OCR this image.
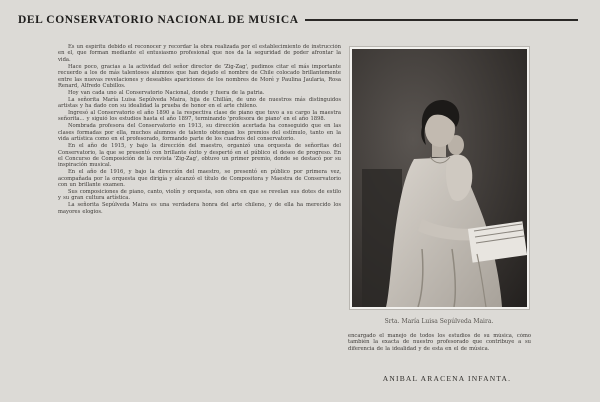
DEL CONSERVATORIO NACIONAL DE MUSICA

Es un espíritu debido el reconocer y recordar la obra realizada por el establecimiento de instrucción en el, que forman mediante el entusiasmo profesional que nos da la seguridad de poder afrontar la vida.

Hace poco, gracias a la actividad del señor director de 'Zig-Zag', pudimos citar el más importante recuerdo a los de más talentosos alumnos que han dejado el nombre de Chile colocado brillantemente entre las nuevas revelaciones y deseables apariciones de los nombres de Moré y Paulina Jaularia, Rosa Renard, Alfredo Cubillos.

Hoy van cada uno al Conservatorio Nacional, donde y fuera de la patria.

La señorita María Luisa Sepúlveda Maira, hija de Chillán, de uno de nuestros más distinguidos artistas y ha dado con su idealidad la prueba de honor en el arte chileno.

Ingresó al Conservatorio el año 1890 a la respectiva clase de piano que tuvo a su cargo la maestra señorita... y siguió los estudios hasta el año 1897, terminando 'profesora de piano' en el año 1898.

Nombrada profesora del Conservatorio en 1913, su dirección acertada ha conseguido que en las clases formadas por ella, muchos alumnos de talento obtengan los premios del estímulo, tanto en la vida artística como en el profesorado, formando parte de los cuadros del conservatorio.

En el año de 1915, y bajo la dirección del maestro, organizó una orquesta de señoritas del Conservatorio, la que se presentó con brillante éxito y despertó en el público el deseo de progreso. En el Concurso de Composición de la revista 'Zig-Zag', obtuvo un primer premio, donde se destacó por su inspiración musical.

En el año de 1916, y bajo la dirección del maestro, se presentó en público por primera vez, acompañada por la orquesta que dirigía y alcanzó el título de Compositora y Maestra de Conservatorio con un brillante examen.

Sus composiciones de piano, canto, violín y orquesta, son obra en que se revelan sus dotes de estilo y su gran cultura artística.

La señorita Sepúlveda Maira es una verdadera honra del arte chileno, y de ella ha merecido los mayores elogios.

Srta. María Luisa Sepúlveda Maira.

encargado el manejo de todos los estudios de su música, cómo también la exacta de nuestro profesorado que contribuye a su diferencia de la idealidad y de esta en el de música.

ANIBAL ARACENA INFANTA.
